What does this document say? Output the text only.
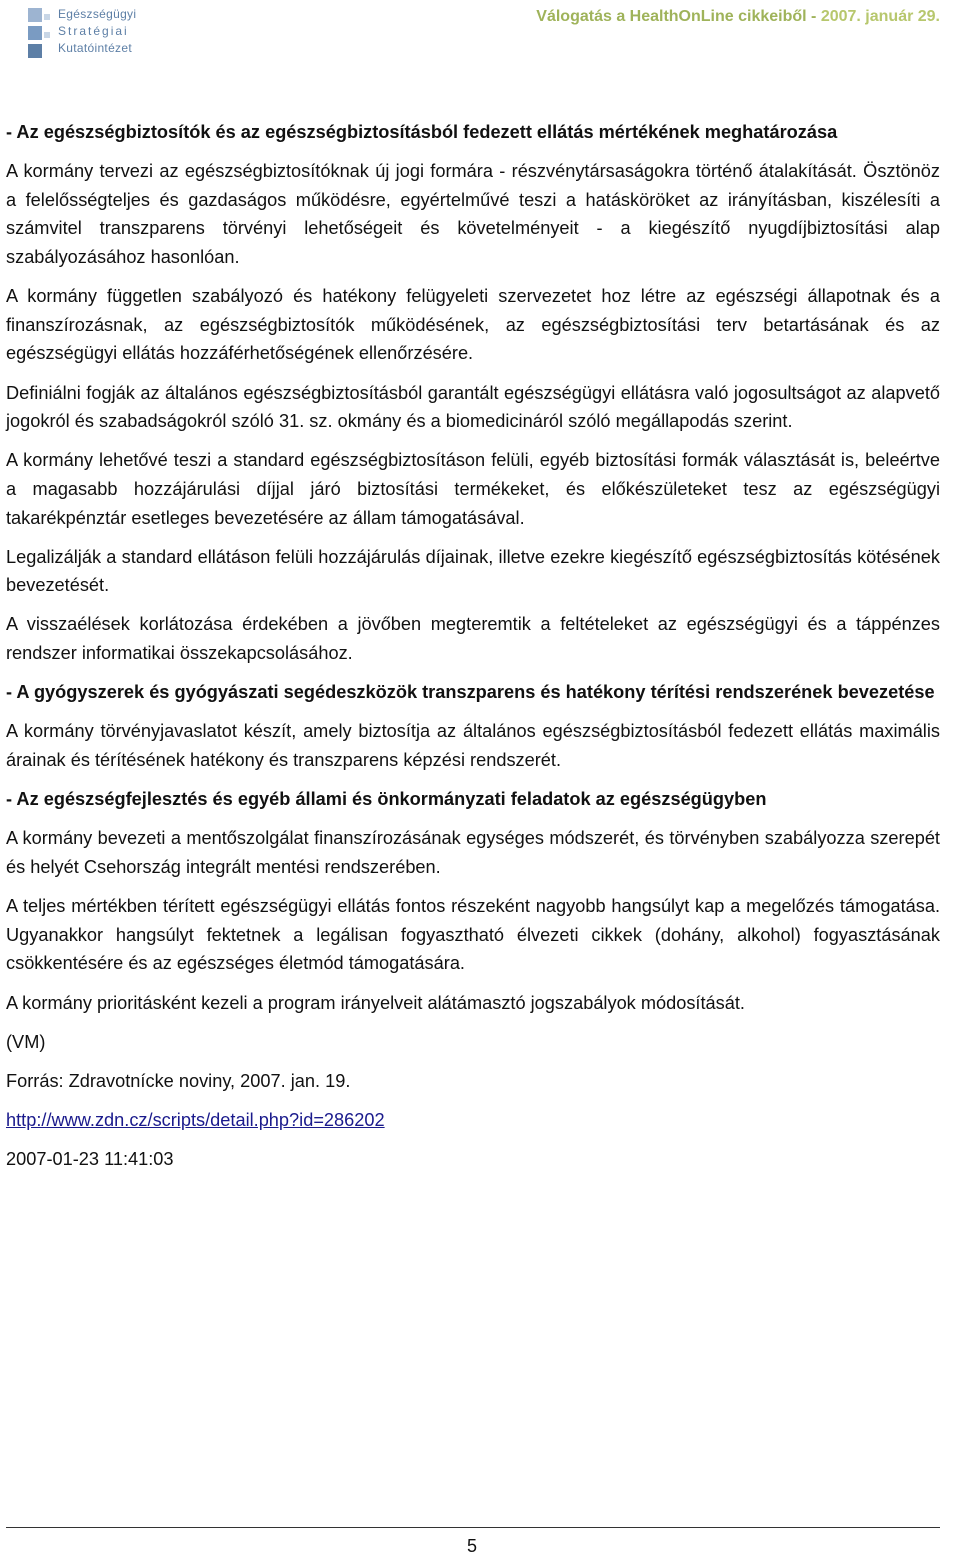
Egészségügyi
Stratégiai
Kutatóintézet
Válogatás a HealthOnLine cikkeiből - 2007. január 29.

- Az egészségbiztosítók és az egészségbiztosításból fedezett ellátás mértékének meghatározása

A kormány tervezi az egészségbiztosítóknak új jogi formára - részvénytársaságokra történő átalakítását. Ösztönöz a felelősségteljes és gazdaságos működésre, egyértelművé teszi a hatásköröket az irányításban, kiszélesíti a számvitel transzparens törvényi lehetőségeit és követelményeit - a kiegészítő nyugdíjbiztosítási alap szabályozásához hasonlóan.

A kormány független szabályozó és hatékony felügyeleti szervezetet hoz létre az egészségi állapotnak és a finanszírozásnak, az egészségbiztosítók működésének, az egészségbiztosítási terv betartásának és az egészségügyi ellátás hozzáférhetőségének ellenőrzésére.

Definiálni fogják az általános egészségbiztosításból garantált egészségügyi ellátásra való jogosultságot az alapvető jogokról és szabadságokról szóló 31. sz. okmány és a biomedicináról szóló megállapodás szerint.

A kormány lehetővé teszi a standard egészségbiztosításon felüli, egyéb biztosítási formák választását is, beleértve a magasabb hozzájárulási díjjal járó biztosítási termékeket, és előkészületeket tesz az egészségügyi takarékpénztár esetleges bevezetésére az állam támogatásával.

Legalizálják a standard ellátáson felüli hozzájárulás díjainak, illetve ezekre kiegészítő egészségbiztosítás kötésének bevezetését.

A visszaélések korlátozása érdekében a jövőben megteremtik a feltételeket az egészségügyi és a táppénzes rendszer informatikai összekapcsolásához.

- A gyógyszerek és gyógyászati segédeszközök transzparens és hatékony térítési rendszerének bevezetése

A kormány törvényjavaslatot készít, amely biztosítja az általános egészségbiztosításból fedezett ellátás maximális árainak és térítésének hatékony és transzparens képzési rendszerét.

- Az egészségfejlesztés és egyéb állami és önkormányzati feladatok az egészségügyben

A kormány bevezeti a mentőszolgálat finanszírozásának egységes módszerét, és törvényben szabályozza szerepét és helyét Csehország integrált mentési rendszerében.

A teljes mértékben térített egészségügyi ellátás fontos részeként nagyobb hangsúlyt kap a megelőzés támogatása. Ugyanakkor hangsúlyt fektetnek a legálisan fogyasztható élvezeti cikkek (dohány, alkohol) fogyasztásának csökkentésére és az egészséges életmód támogatására.

A kormány prioritásként kezeli a program irányelveit alátámasztó jogszabályok módosítását.

(VM)

Forrás: Zdravotnícke noviny, 2007. jan. 19.

http://www.zdn.cz/scripts/detail.php?id=286202

2007-01-23 11:41:03

5
